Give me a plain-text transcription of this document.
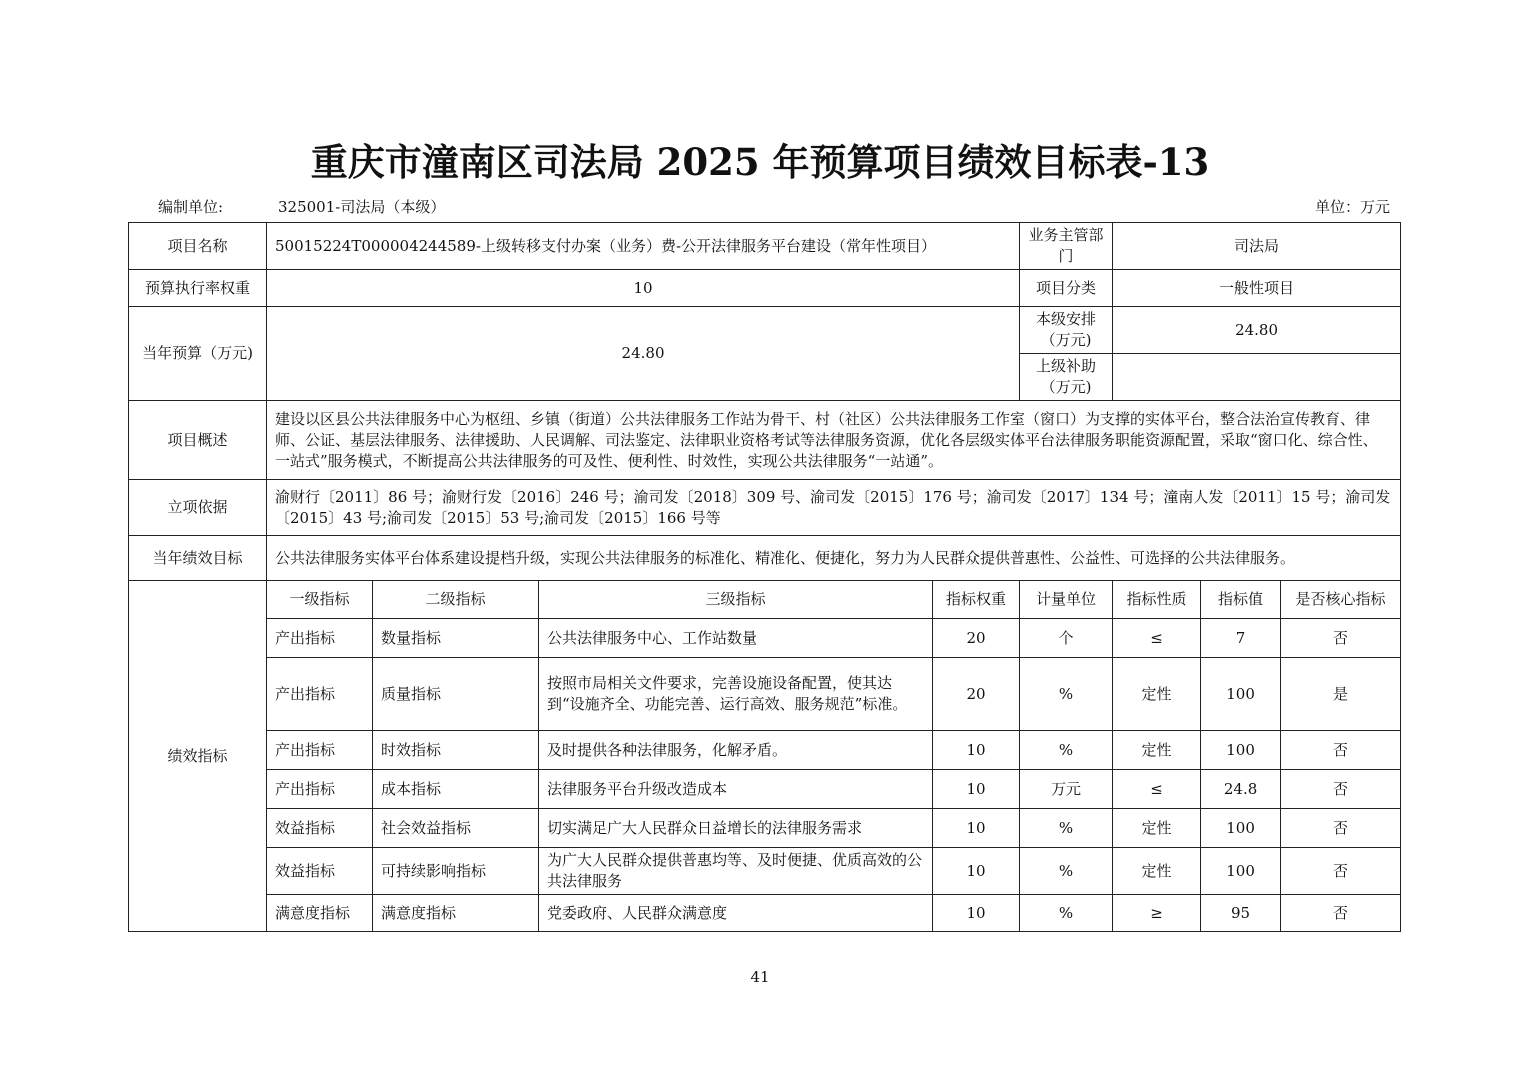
重庆市潼南区司法局 2025 年预算项目绩效目标表-13
编制单位:	325001-司法局（本级）	单位：万元
项目名称	50015224T000004244589-上级转移支付办案（业务）费-公开法律服务平台建设（常年性项目）				业务主管部门	司法局		
预算执行率权重	10				项目分类	一般性项目		
当年预算（万元)	24.80				本级安排（万元)	24.80		
					上级补助（万元)			
项目概述	建设以区县公共法律服务中心为枢纽、乡镇（街道）公共法律服务工作站为骨干、村（社区）公共法律服务工作室（窗口）为支撑的实体平台，整合法治宣传教育、律师、公证、基层法律服务、法律援助、人民调解、司法鉴定、法律职业资格考试等法律服务资源，优化各层级实体平台法律服务职能资源配置，采取“窗口化、综合性、一站式”服务模式，不断提高公共法律服务的可及性、便利性、时效性，实现公共法律服务“一站通”。							
立项依据	渝财行〔2011〕86 号；渝财行发〔2016〕246 号；渝司发〔2018〕309 号、渝司发〔2015〕176 号；渝司发〔2017〕134 号；潼南人发〔2011〕15 号；渝司发〔2015〕43 号;渝司发〔2015〕53 号;渝司发〔2015〕166 号等							
当年绩效目标	公共法律服务实体平台体系建设提档升级，实现公共法律服务的标准化、精准化、便捷化，努力为人民群众提供普惠性、公益性、可选择的公共法律服务。							
绩效指标	一级指标	二级指标	三级指标	指标权重	计量单位	指标性质	指标值	是否核心指标
	产出指标	数量指标	公共法律服务中心、工作站数量	20	个	≤	7	否
	产出指标	质量指标	按照市局相关文件要求，完善设施设备配置，使其达到“设施齐全、功能完善、运行高效、服务规范”标准。	20	%	定性	100	是
	产出指标	时效指标	及时提供各种法律服务，化解矛盾。	10	%	定性	100	否
	产出指标	成本指标	法律服务平台升级改造成本	10	万元	≤	24.8	否
	效益指标	社会效益指标	切实满足广大人民群众日益增长的法律服务需求	10	%	定性	100	否
	效益指标	可持续影响指标	为广大人民群众提供普惠均等、及时便捷、优质高效的公共法律服务	10	%	定性	100	否
	满意度指标	满意度指标	党委政府、人民群众满意度	10	%	≥	95	否
41
